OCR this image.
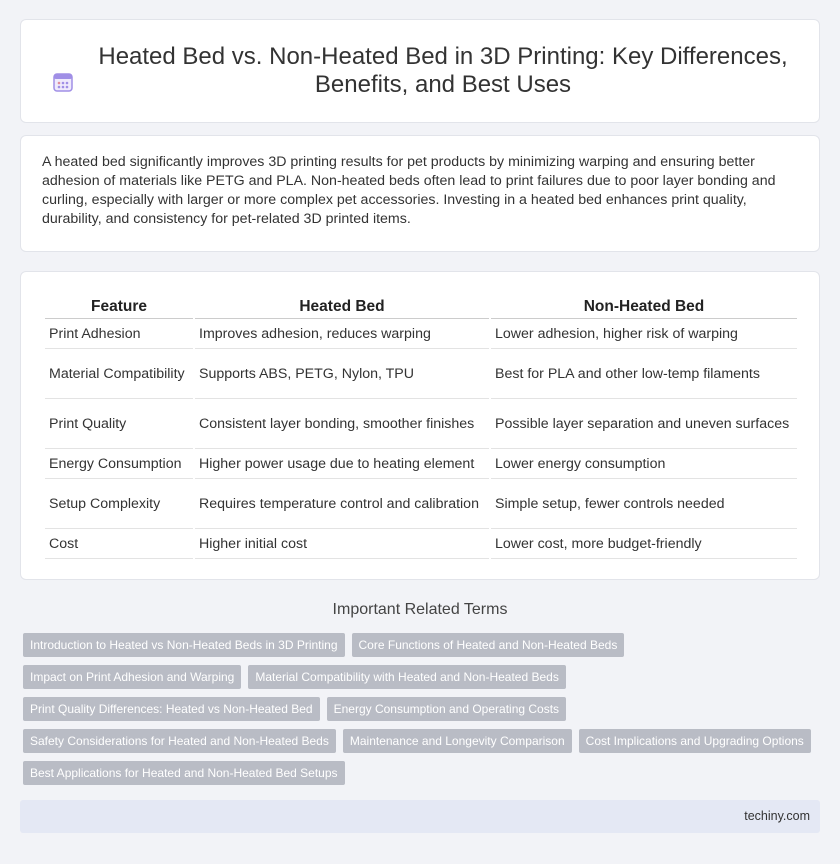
Heated Bed vs. Non-Heated Bed in 3D Printing: Key Differences, Benefits, and Best Uses

A heated bed significantly improves 3D printing results for pet products by minimizing warping and ensuring better adhesion of materials like PETG and PLA. Non-heated beds often lead to print failures due to poor layer bonding and curling, especially with larger or more complex pet accessories. Investing in a heated bed enhances print quality, durability, and consistency for pet-related 3D printed items.

Feature	Heated Bed	Non-Heated Bed
Print Adhesion	Improves adhesion, reduces warping	Lower adhesion, higher risk of warping
Material Compatibility	Supports ABS, PETG, Nylon, TPU	Best for PLA and other low-temp filaments
Print Quality	Consistent layer bonding, smoother finishes	Possible layer separation and uneven surfaces
Energy Consumption	Higher power usage due to heating element	Lower energy consumption
Setup Complexity	Requires temperature control and calibration	Simple setup, fewer controls needed
Cost	Higher initial cost	Lower cost, more budget-friendly
Important Related Terms
Introduction to Heated vs Non-Heated Beds in 3D Printing	Core Functions of Heated and Non-Heated Beds
Impact on Print Adhesion and Warping	Material Compatibility with Heated and Non-Heated Beds
Print Quality Differences: Heated vs Non-Heated Bed	Energy Consumption and Operating Costs
Safety Considerations for Heated and Non-Heated Beds	Maintenance and Longevity Comparison	Cost Implications and Upgrading Options
Best Applications for Heated and Non-Heated Bed Setups
techiny.com
